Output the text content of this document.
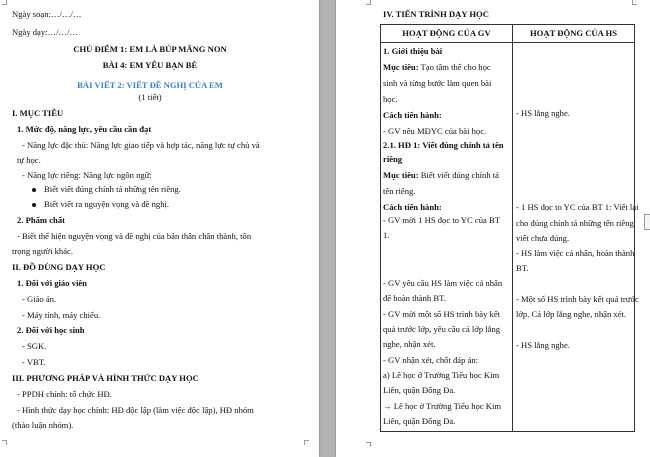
Ngày soạn:…/…/…
Ngày dạy:…/…/…
CHỦ ĐIỂM 1: EM LÀ BÚP MĂNG NON
BÀI 4: EM YÊU BẠN BÈ
BÀI VIẾT 2: VIẾT ĐỀ NGHỊ CỦA EM
(1 tiết)
I. MỤC TIÊU
1. Mức độ, năng lực, yêu cầu cần đạt
- Năng lực đặc thù: Năng lực giao tiếp và hợp tác, năng lực tự chủ và
tự học.
- Năng lực riêng: Năng lực ngôn ngữ:
Biết viết đúng chính tả những tên riêng.
Biết viết ra nguyện vọng và đề nghị.
2. Phẩm chất
- Biết thể hiện nguyện vọng và đề nghị của bản thân chân thành, tôn
trọng người khác.
II. ĐỒ DÙNG DẠY HỌC
1. Đối với giáo viên
- Giáo án.
- Máy tính, máy chiếu.
2. Đối với học sinh
- SGK.
- VBT.
III. PHƯƠNG PHÁP VÀ HÌNH THỨC DẠY HỌC
- PPDH chính: tổ chức HĐ.
- Hình thức dạy học chính: HĐ độc lập (làm việc độc lập), HĐ nhóm
(thảo luận nhóm).
IV. TIẾN TRÌNH DẠY HỌC
HOẠT ĐỘNG CỦA GV	HOẠT ĐỘNG CỦA HS
1. Giới thiệu bài
Mục tiêu: Tạo tâm thế cho học
sinh và từng bước làm quen bài
học.
Cách tiến hành:
- GV nêu MĐYC của bài học.
2.1. HĐ 1: Viết đúng chính tả tên
riêng
Mục tiêu: Biết viết đúng chính tả
tên riêng.
Cách tiến hành:
- GV mời 1 HS đọc to YC của BT
1.
- GV yêu cầu HS làm việc cá nhân
để hoàn thành BT.
- GV mời một số HS trình bày kết
quả trước lớp, yêu cầu cả lớp lắng
nghe, nhận xét.
- GV nhận xét, chốt đáp án:
a) Lê học ở Trường Tiểu học Kim
Liên, quận Đống Đa.
→ Lê học ở Trường Tiểu học Kim
Liên, quận Đống Đa.
- HS lắng nghe.
- 1 HS đọc to YC của BT 1: Viết lại
cho đúng chính tả những tên riêng
viết chưa đúng.
- HS làm việc cá nhân, hoàn thành
BT.
- Một số HS trình bày kết quả trước
lớp. Cả lớp lắng nghe, nhận xét.
- HS lắng nghe.
